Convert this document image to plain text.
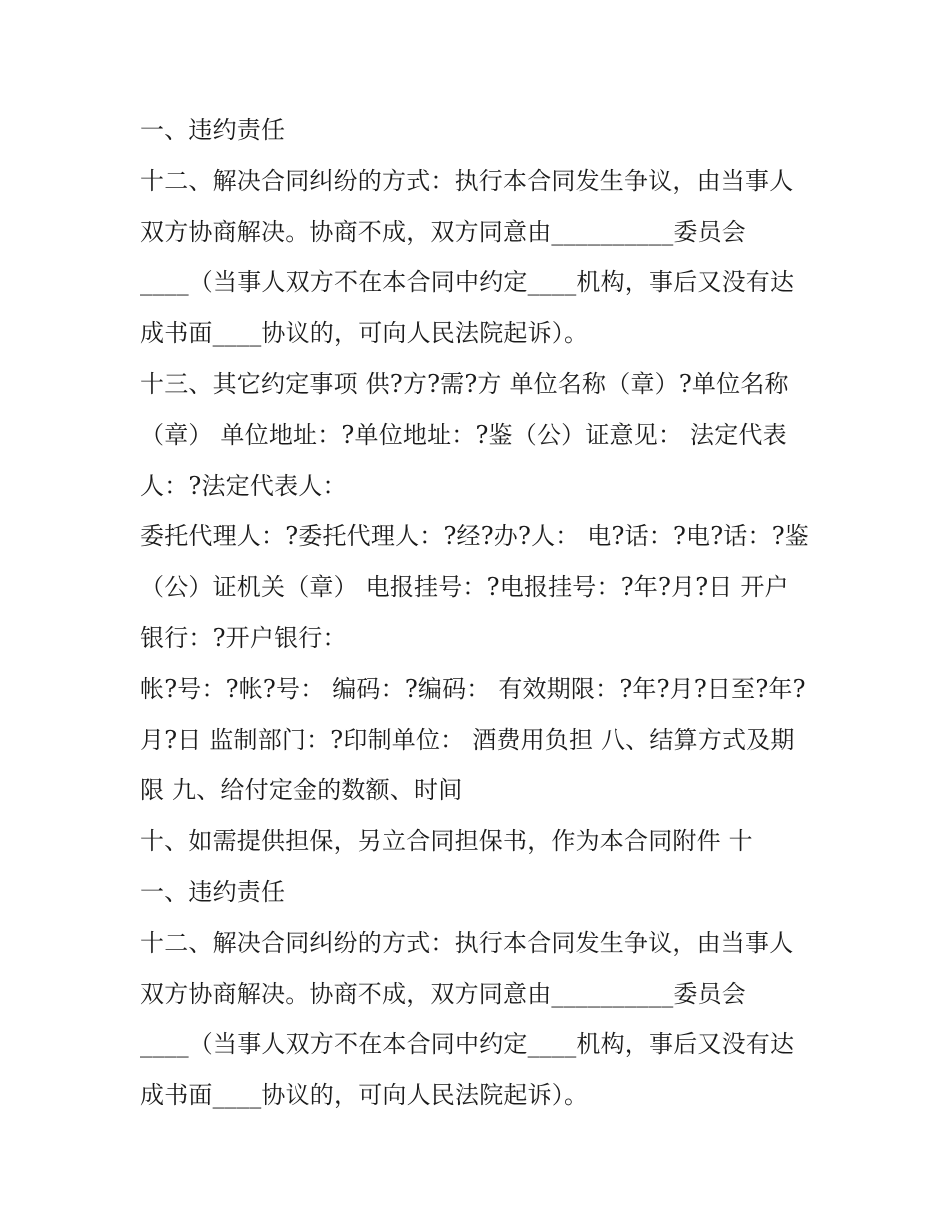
一、违约责任
十二、解决合同纠纷的方式：执行本合同发生争议，由当事人
双方协商解决。协商不成，双方同意由__________委员会
____（当事人双方不在本合同中约定____机构，事后又没有达
成书面____协议的，可向人民法院起诉）。
十三、其它约定事项 供?方?需?方 单位名称（章）?单位名称
（章） 单位地址：?单位地址：?鉴（公）证意见： 法定代表
人：?法定代表人：
委托代理人：?委托代理人：?经?办?人： 电?话：?电?话：?鉴
（公）证机关（章） 电报挂号：?电报挂号：?年?月?日 开户
银行：?开户银行：
帐?号：?帐?号： 编码：?编码： 有效期限：?年?月?日至?年?
月?日 监制部门：?印制单位： 酒费用负担 八、结算方式及期
限 九、给付定金的数额、时间
十、如需提供担保，另立合同担保书，作为本合同附件 十
一、违约责任
十二、解决合同纠纷的方式：执行本合同发生争议，由当事人
双方协商解决。协商不成，双方同意由__________委员会
____（当事人双方不在本合同中约定____机构，事后又没有达
成书面____协议的，可向人民法院起诉）。
